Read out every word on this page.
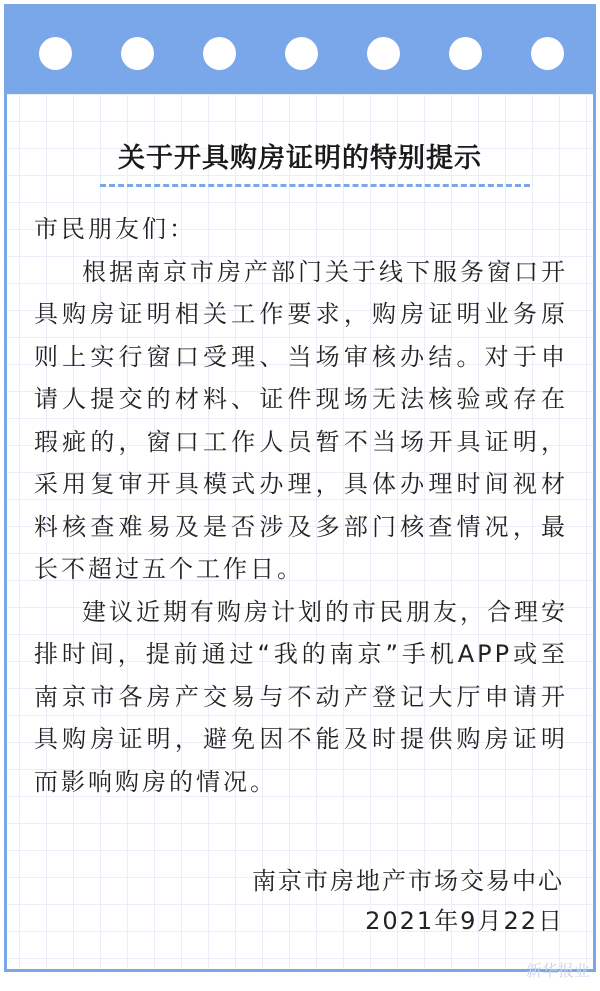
关于开具购房证明的特别提示

市民朋友们：

根据南京市房产部门关于线下服务窗口开具购房证明相关工作要求，购房证明业务原则上实行窗口受理、当场审核办结。对于申请人提交的材料、证件现场无法核验或存在瑕疵的，窗口工作人员暂不当场开具证明，采用复审开具模式办理，具体办理时间视材料核查难易及是否涉及多部门核查情况，最长不超过五个工作日。

建议近期有购房计划的市民朋友，合理安排时间，提前通过“我的南京”手机APP或至南京市各房产交易与不动产登记大厅申请开具购房证明，避免因不能及时提供购房证明而影响购房的情况。

南京市房地产市场交易中心
2021年9月22日
新华报业
